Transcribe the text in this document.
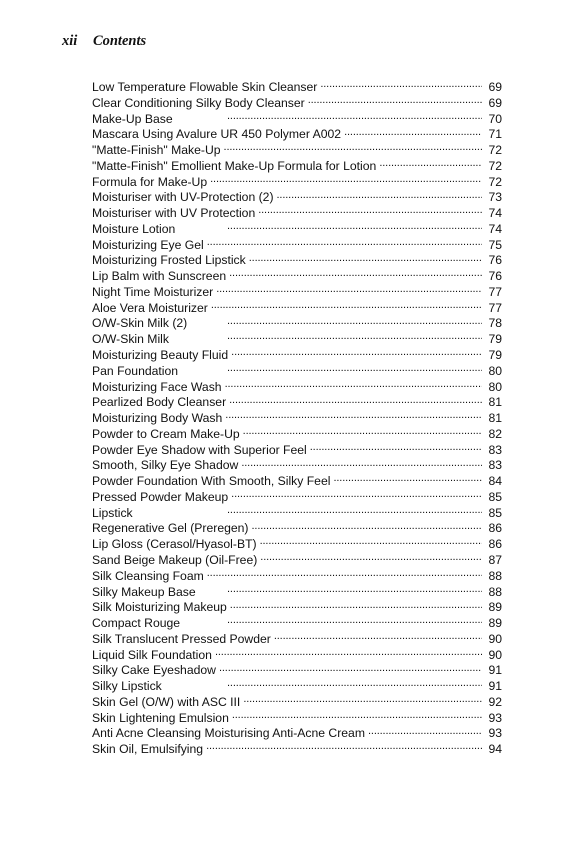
xii Contents
Low Temperature Flowable Skin Cleanser . . .	69
Clear Conditioning Silky Body Cleanser . . .	69
Make-Up Base . . .	70
Mascara Using Avalure UR 450 Polymer A002 . . .	71
"Matte-Finish" Make-Up . . .	72
"Matte-Finish" Emollient Make-Up Formula for Lotion . . .	72
Formula for Make-Up . . .	72
Moisturiser with UV-Protection (2) . . .	73
Moisturiser with UV Protection . . .	74
Moisture Lotion . . .	74
Moisturizing Eye Gel . . .	75
Moisturizing Frosted Lipstick . . .	76
Lip Balm with Sunscreen . . .	76
Night Time Moisturizer . . .	77
Aloe Vera Moisturizer . . .	77
O/W-Skin Milk (2) . . .	78
O/W-Skin Milk . . .	79
Moisturizing Beauty Fluid . . .	79
Pan Foundation . . .	80
Moisturizing Face Wash . . .	80
Pearlized Body Cleanser . . .	81
Moisturizing Body Wash . . .	81
Powder to Cream Make-Up . . .	82
Powder Eye Shadow with Superior Feel . . .	83
Smooth, Silky Eye Shadow . . .	83
Powder Foundation With Smooth, Silky Feel . . .	84
Pressed Powder Makeup . . .	85
Lipstick . . .	85
Regenerative Gel (Preregen) . . .	86
Lip Gloss (Cerasol/Hyasol-BT) . . .	86
Sand Beige Makeup (Oil-Free) . . .	87
Silk Cleansing Foam . . .	88
Silky Makeup Base . . .	88
Silk Moisturizing Makeup . . .	89
Compact Rouge . . .	89
Silk Translucent Pressed Powder . . .	90
Liquid Silk Foundation . . .	90
Silky Cake Eyeshadow . . .	91
Silky Lipstick . . .	91
Skin Gel (O/W) with ASC III . . .	92
Skin Lightening Emulsion . . .	93
Anti Acne Cleansing Moisturising Anti-Acne Cream . . .	93
Skin Oil, Emulsifying . . .	94
